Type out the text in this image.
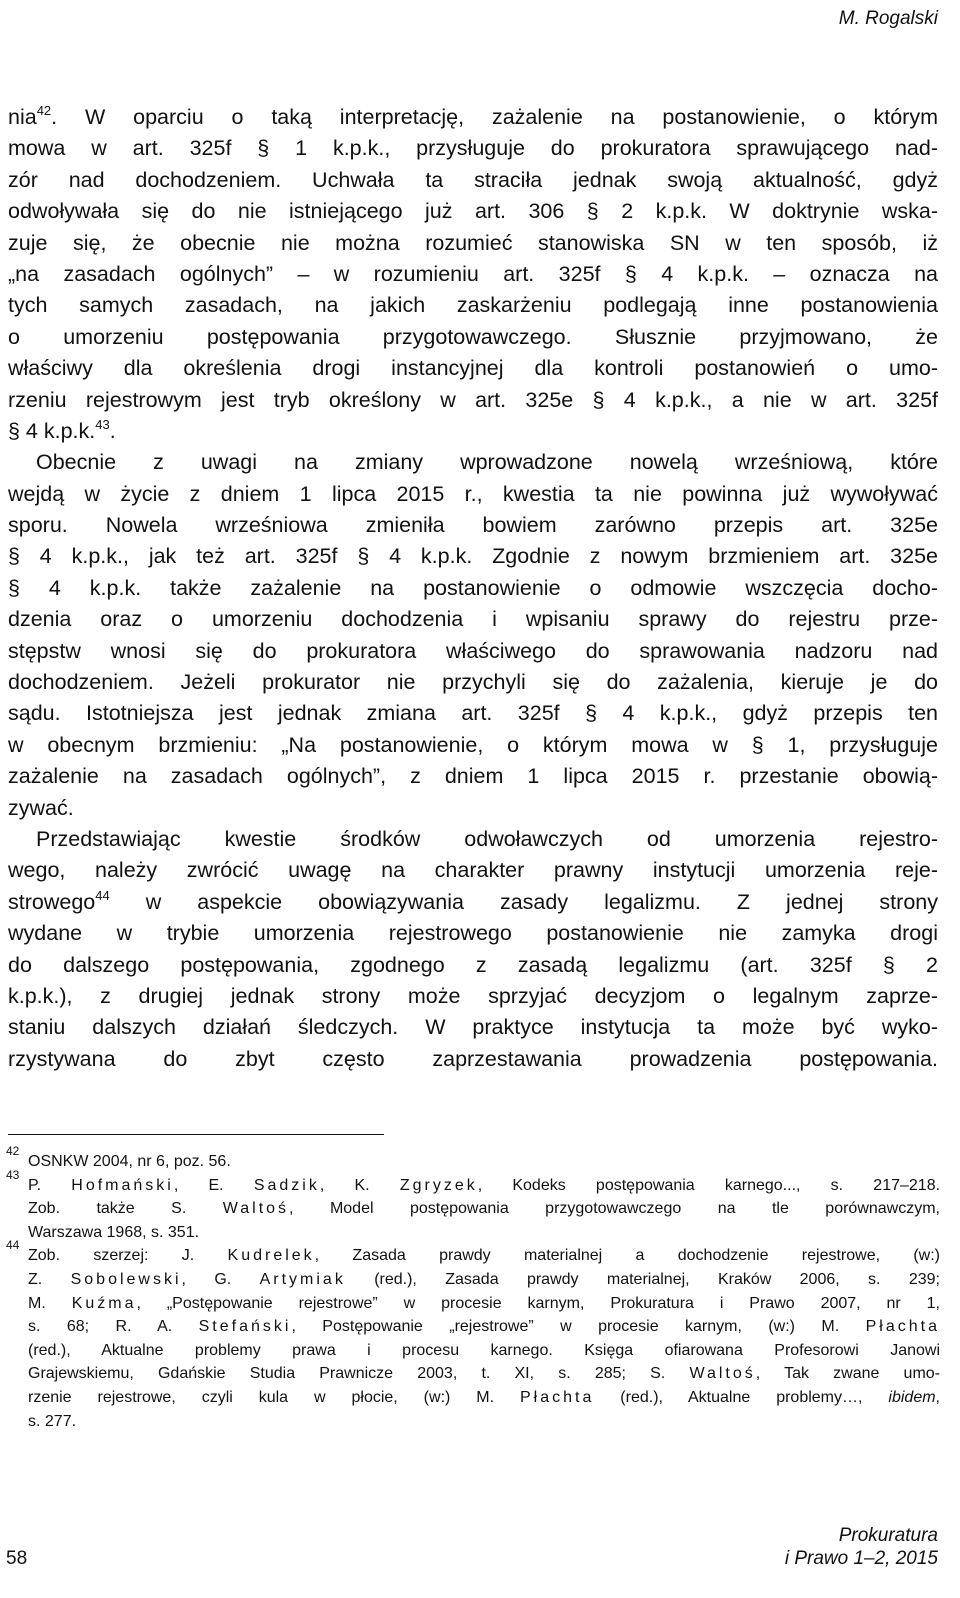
M. Rogalski
nia$^{42}$. W oparciu o taką interpretację, zażalenie na postanowienie, o którym
mowa w art. 325f § 1 k.p.k., przysługuje do prokuratora sprawującego nad-
zór nad dochodzeniem. Uchwała ta straciła jednak swoją aktualność, gdyż
odwoływała się do nie istniejącego już art. 306 § 2 k.p.k. W doktrynie wska-
zuje się, że obecnie nie można rozumieć stanowiska SN w ten sposób, iż
„na zasadach ogólnych” – w rozumieniu art. 325f § 4 k.p.k. – oznacza na
tych samych zasadach, na jakich zaskarżeniu podlegają inne postanowienia
o umorzeniu postępowania przygotowawczego. Słusznie przyjmowano, że
właściwy dla określenia drogi instancyjnej dla kontroli postanowień o umo-
rzeniu rejestrowym jest tryb określony w art. 325e § 4 k.p.k., a nie w art. 325f
§ 4 k.p.k.$^{43}$.
Obecnie z uwagi na zmiany wprowadzone nowelą wrześniową, które
wejdą w życie z dniem 1 lipca 2015 r., kwestia ta nie powinna już wywoływać
sporu. Nowela wrześniowa zmieniła bowiem zarówno przepis art. 325e
§ 4 k.p.k., jak też art. 325f § 4 k.p.k. Zgodnie z nowym brzmieniem art. 325e
§ 4 k.p.k. także zażalenie na postanowienie o odmowie wszczęcia docho-
dzenia oraz o umorzeniu dochodzenia i wpisaniu sprawy do rejestru prze-
stępstw wnosi się do prokuratora właściwego do sprawowania nadzoru nad
dochodzeniem. Jeżeli prokurator nie przychyli się do zażalenia, kieruje je do
sądu. Istotniejsza jest jednak zmiana art. 325f § 4 k.p.k., gdyż przepis ten
w obecnym brzmieniu: „Na postanowienie, o którym mowa w § 1, przysługuje
zażalenie na zasadach ogólnych”, z dniem 1 lipca 2015 r. przestanie obowią-
zywać.
Przedstawiając kwestie środków odwoławczych od umorzenia rejestro-
wego, należy zwrócić uwagę na charakter prawny instytucji umorzenia reje-
strowego$^{44}$ w aspekcie obowiązywania zasady legalizmu. Z jednej strony
wydane w trybie umorzenia rejestrowego postanowienie nie zamyka drogi
do dalszego postępowania, zgodnego z zasadą legalizmu (art. 325f § 2
k.p.k.), z drugiej jednak strony może sprzyjać decyzjom o legalnym zaprze-
staniu dalszych działań śledczych. W praktyce instytucja ta może być wyko-
rzystywana do zbyt często zaprzestawania prowadzenia postępowania.
42
OSNKW 2004, nr 6, poz. 56.
43
P. Hofmański, E. Sadzik, K. Zgryzek, Kodeks postępowania karnego..., s. 217–218.
Zob. także S. Waltoś, Model postępowania przygotowawczego na tle porównawczym,
Warszawa 1968, s. 351.
44
Zob. szerzej: J. Kudrelek, Zasada prawdy materialnej a dochodzenie rejestrowe, (w:)
Z. Sobolewski, G. Artymiak (red.), Zasada prawdy materialnej, Kraków 2006, s. 239;
M. Kuźma, „Postępowanie rejestrowe” w procesie karnym, Prokuratura i Prawo 2007, nr 1,
s. 68; R. A. Stefański, Postępowanie „rejestrowe” w procesie karnym, (w:) M. Płachta
(red.), Aktualne problemy prawa i procesu karnego. Księga ofiarowana Profesorowi Janowi
Grajewskiemu, Gdańskie Studia Prawnicze 2003, t. XI, s. 285; S. Waltoś, Tak zwane umo-
rzenie rejestrowe, czyli kula w płocie, (w:) M. Płachta (red.), Aktualne problemy…, ibidem,
s. 277.
58
Prokuratura
i Prawo 1–2, 2015
